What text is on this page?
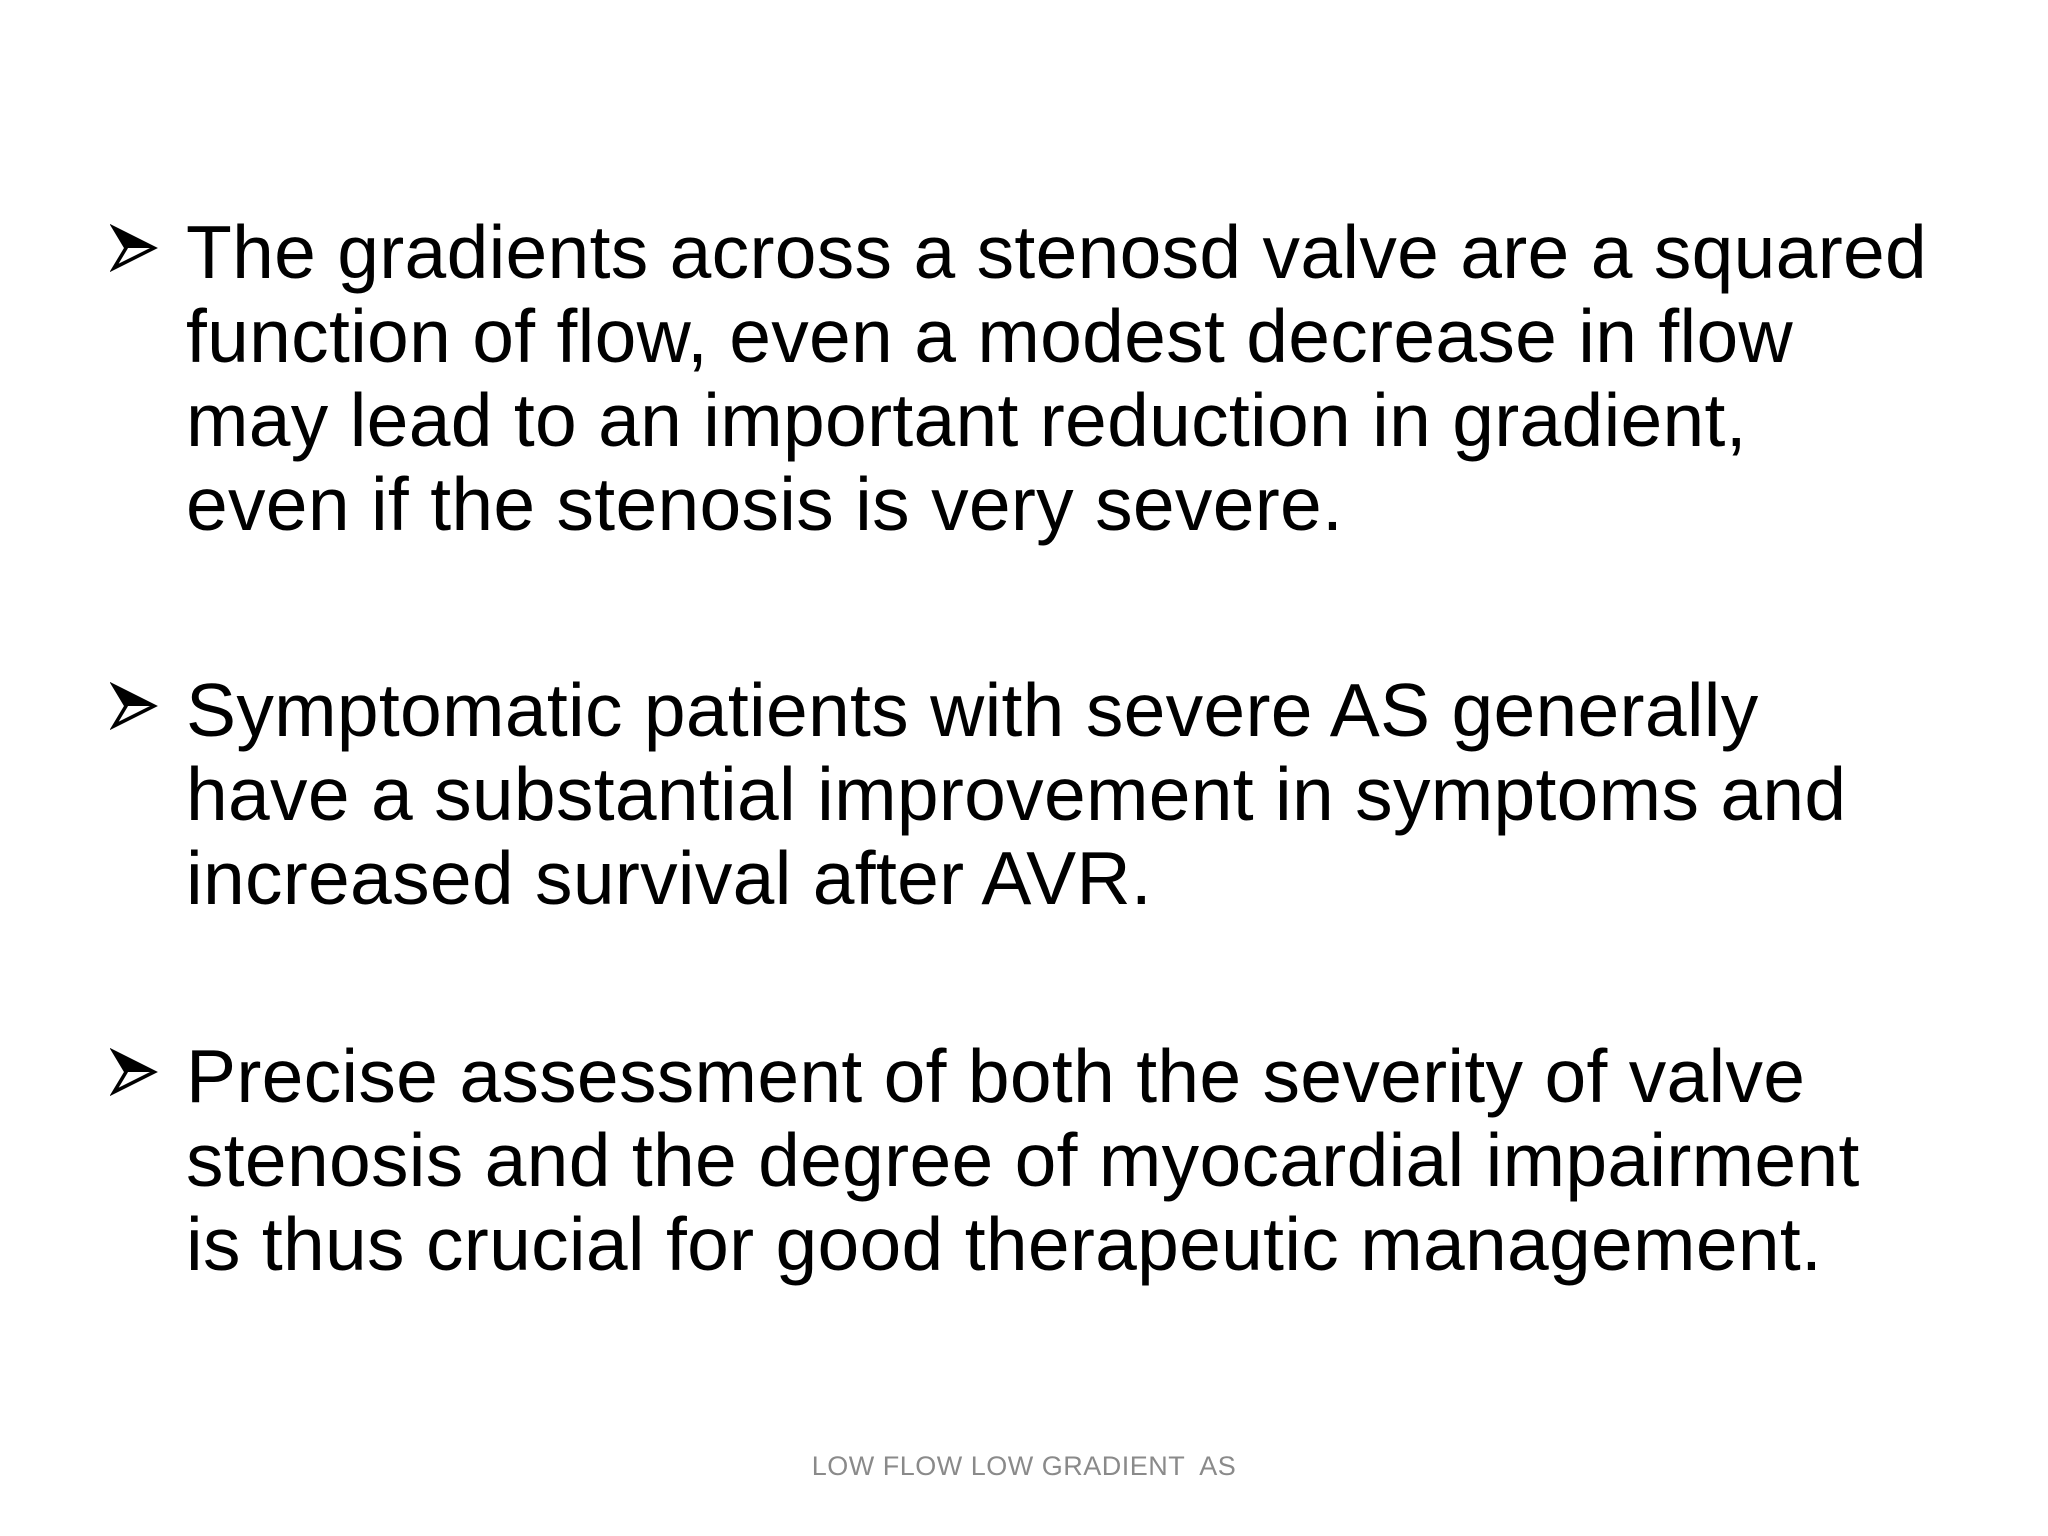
The gradients across a stenosd valve are a squared
function of flow, even a modest decrease in flow
may lead to an important reduction in gradient,
even if the stenosis is very severe.
Symptomatic patients with severe AS generally
have a substantial improvement in symptoms and
increased survival after AVR.
Precise assessment of both the severity of valve
stenosis and the degree of myocardial impairment
is thus crucial for good therapeutic management.
LOW FLOW LOW GRADIENT  AS
